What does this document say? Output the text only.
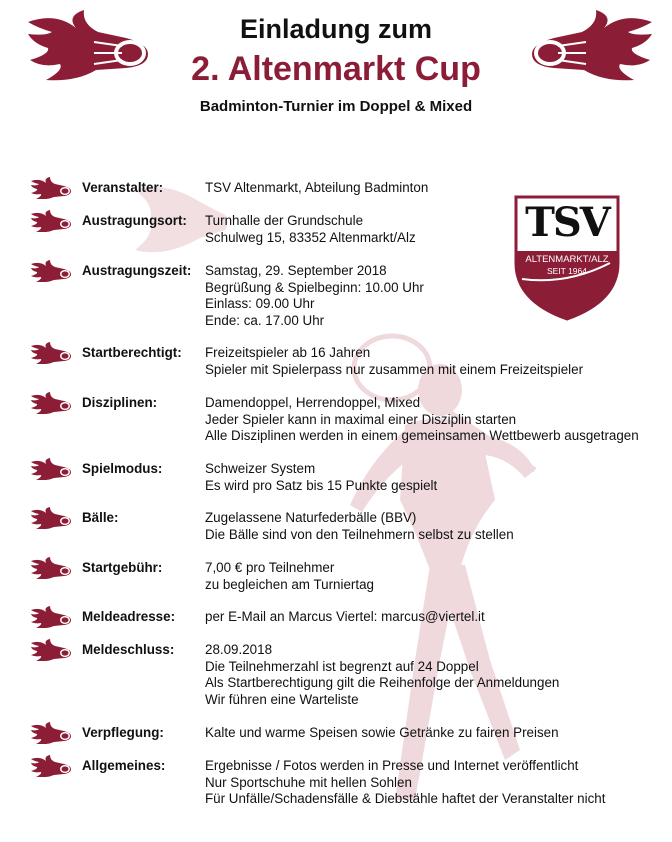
Einladung zum
2. Altenmarkt Cup
Badminton-Turnier im Doppel & Mixed
TSV
ALTENMARKT/ALZ
SEIT 1964
Veranstalter:	TSV Altenmarkt, Abteilung Badminton
Austragungsort: Turnhalle der Grundschule
Schulweg 15, 83352 Altenmarkt/Alz
Austragungszeit: Samstag, 29. September 2018
Begrüßung & Spielbeginn: 10.00 Uhr
Einlass: 09.00 Uhr
Ende: ca. 17.00 Uhr
Startberechtigt: Freizeitspieler ab 16 Jahren
Spieler mit Spielerpass nur zusammen mit einem Freizeitspieler
Disziplinen:	Damendoppel, Herrendoppel, Mixed
Jeder Spieler kann in maximal einer Disziplin starten
Alle Disziplinen werden in einem gemeinsamen Wettbewerb ausgetragen
Spielmodus:	Schweizer System
Es wird pro Satz bis 15 Punkte gespielt
Bälle:	Zugelassene Naturfederbälle (BBV)
Die Bälle sind von den Teilnehmern selbst zu stellen
Startgebühr:	7,00 € pro Teilnehmer
zu begleichen am Turniertag
Meldeadresse: per E-Mail an Marcus Viertel: marcus@viertel.it
Meldeschluss: 28.09.2018
Die Teilnehmerzahl ist begrenzt auf 24 Doppel
Als Startberechtigung gilt die Reihenfolge der Anmeldungen
Wir führen eine Warteliste
Verpflegung:	Kalte und warme Speisen sowie Getränke zu fairen Preisen
Allgemeines:	Ergebnisse / Fotos werden in Presse und Internet veröffentlicht
Nur Sportschuhe mit hellen Sohlen
Für Unfälle/Schadensfälle & Diebstähle haftet der Veranstalter nicht
